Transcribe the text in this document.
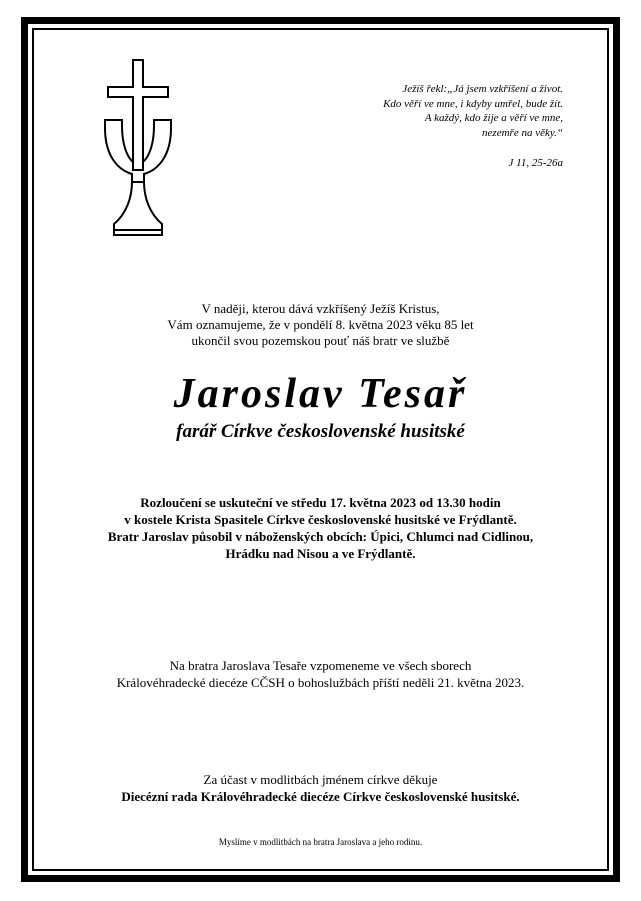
Ježíš řekl:„Já jsem vzkříšení a život.
Kdo věří ve mne, i kdyby umřel, bude žít.
A každý, kdo žije a věří ve mne,
nezemře na věky.“
J 11, 25-26a
V naději, kterou dává vzkříšený Ježíš Kristus,
Vám oznamujeme, že v pondělí 8. května 2023 věku 85 let
ukončil svou pozemskou pouť náš bratr ve službě
Jaroslav Tesař
farář Církve československé husitské
Rozloučení se uskuteční ve středu 17. května 2023 od 13.30 hodin
v kostele Krista Spasitele Církve československé husitské ve Frýdlantě.
Bratr Jaroslav působil v náboženských obcích: Úpici, Chlumci nad Cidlinou,
Hrádku nad Nisou a ve Frýdlantě.
Na bratra Jaroslava Tesaře vzpomeneme ve všech sborech
Královéhradecké diecéze CČSH o bohoslužbách příští neděli 21. května 2023.
Za účast v modlitbách jménem církve děkuje
Diecézní rada Královéhradecké diecéze Církve československé husitské.
Myslíme v modlitbách na bratra Jaroslava a jeho rodinu.
